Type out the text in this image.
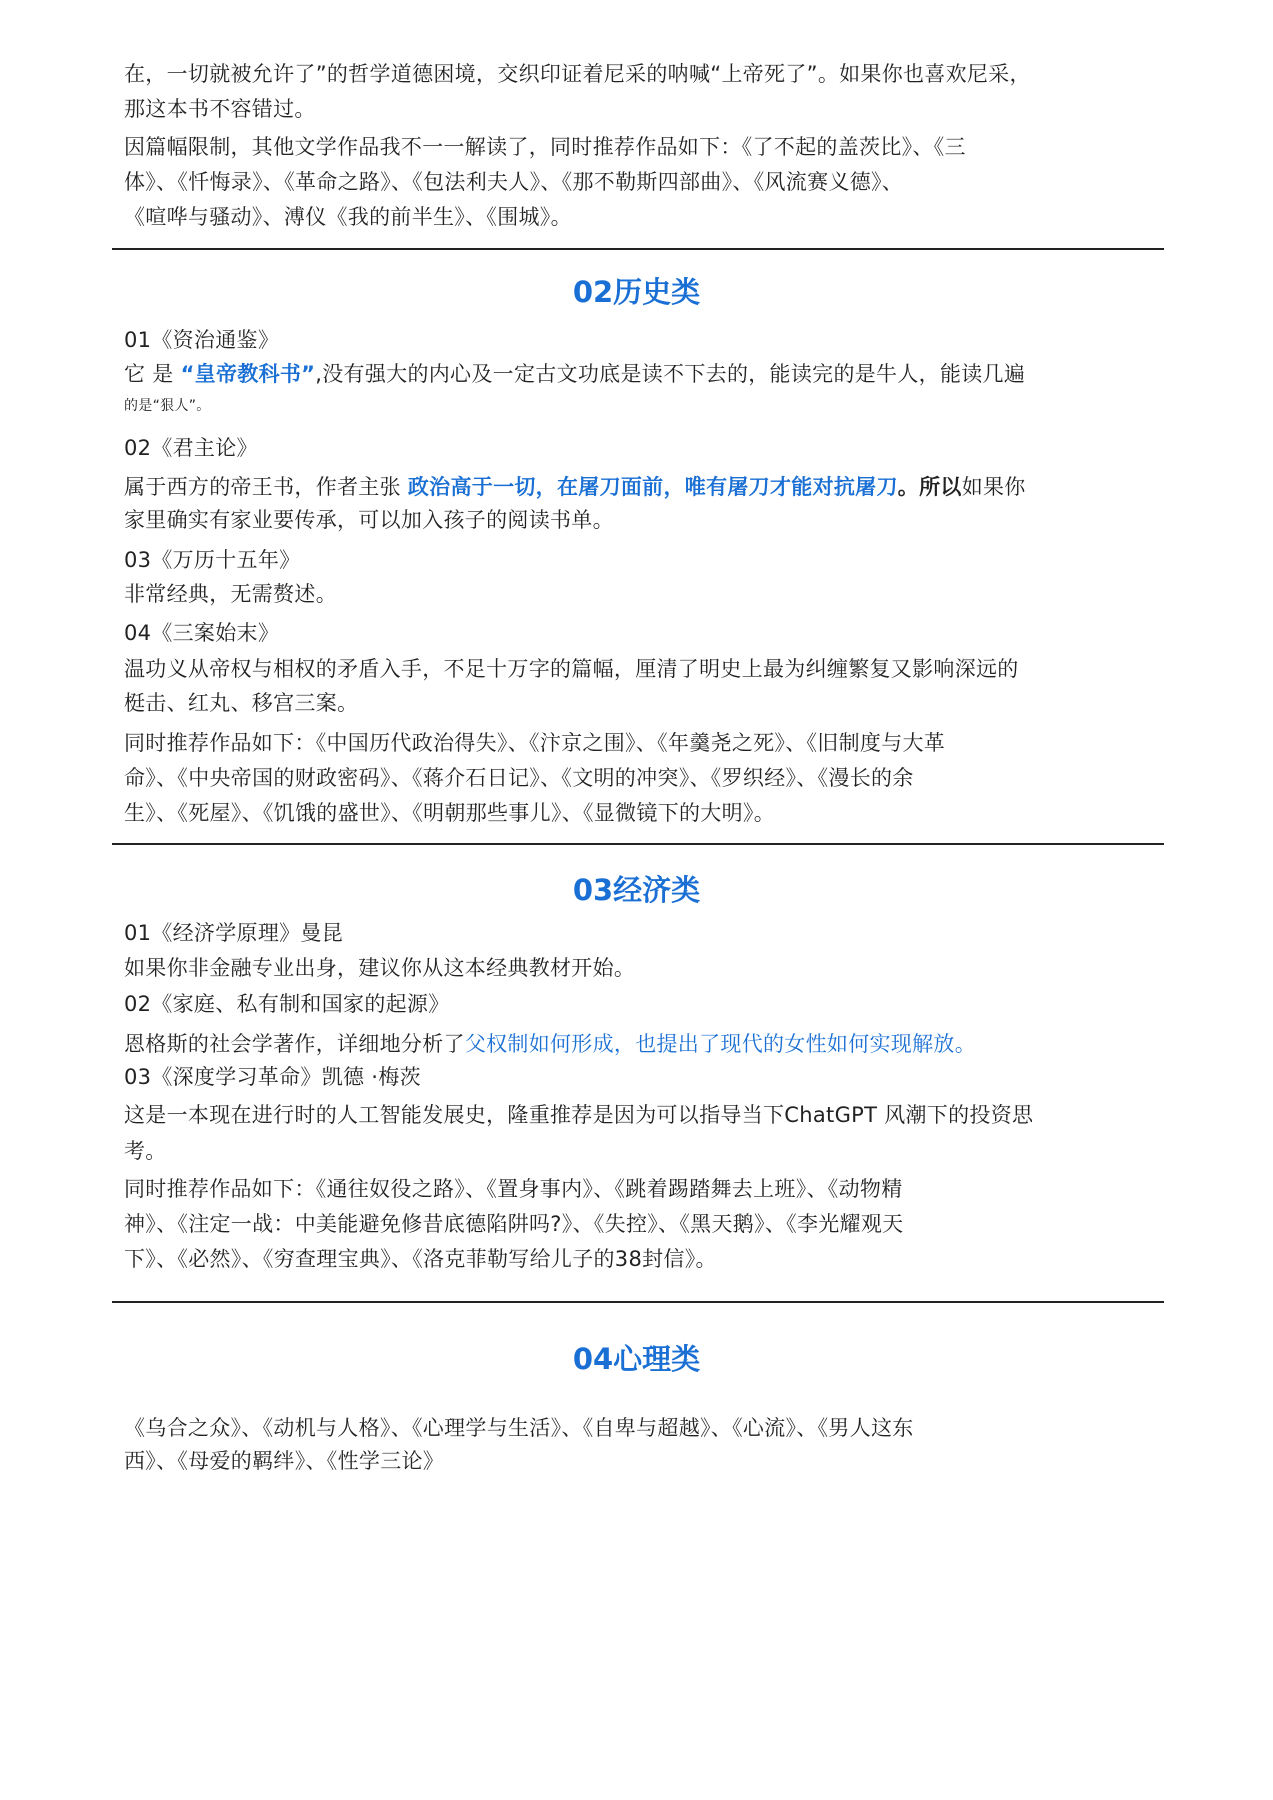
在，一切就被允许了”的哲学道德困境，交织印证着尼采的呐喊“上帝死了”。如果你也喜欢尼采，

那这本书不容错过。

因篇幅限制，其他文学作品我不一一解读了，同时推荐作品如下：《了不起的盖茨比》、《三

体》、《忏悔录》、《革命之路》、《包法利夫人》、《那不勒斯四部曲》、《风流赛义德》、

《喧哗与骚动》、溥仪《我的前半生》、《围城》。

02历史类

01《资治通鉴》

它 是 “皇帝教科书”,没有强大的内心及一定古文功底是读不下去的，能读完的是牛人，能读几遍

的是“狠人”。

02《君主论》

属于西方的帝王书，作者主张 政治高于一切，在屠刀面前，唯有屠刀才能对抗屠刀。所以如果你

家里确实有家业要传承，可以加入孩子的阅读书单。

03《万历十五年》

非常经典，无需赘述。

04《三案始末》

温功义从帝权与相权的矛盾入手，不足十万字的篇幅，厘清了明史上最为纠缠繁复又影响深远的

梃击、红丸、移宫三案。

同时推荐作品如下：《中国历代政治得失》、《汴京之围》、《年羹尧之死》、《旧制度与大革

命》、《中央帝国的财政密码》、《蒋介石日记》、《文明的冲突》、《罗织经》、《漫长的余

生》、《死屋》、《饥饿的盛世》、《明朝那些事儿》、《显微镜下的大明》。

03经济类

01《经济学原理》曼昆

如果你非金融专业出身，建议你从这本经典教材开始。

02《家庭、私有制和国家的起源》

恩格斯的社会学著作，详细地分析了父权制如何形成，也提出了现代的女性如何实现解放。

03《深度学习革命》凯德 ·梅茨

这是一本现在进行时的人工智能发展史，隆重推荐是因为可以指导当下ChatGPT 风潮下的投资思

考。

同时推荐作品如下：《通往奴役之路》、《置身事内》、《跳着踢踏舞去上班》、《动物精

神》、《注定一战：中美能避免修昔底德陷阱吗?》、《失控》、《黑天鹅》、《李光耀观天

下》、《必然》、《穷查理宝典》、《洛克菲勒写给儿子的38封信》。

04心理类

《乌合之众》、《动机与人格》、《心理学与生活》、《自卑与超越》、《心流》、《男人这东

西》、《母爱的羁绊》、《性学三论》
